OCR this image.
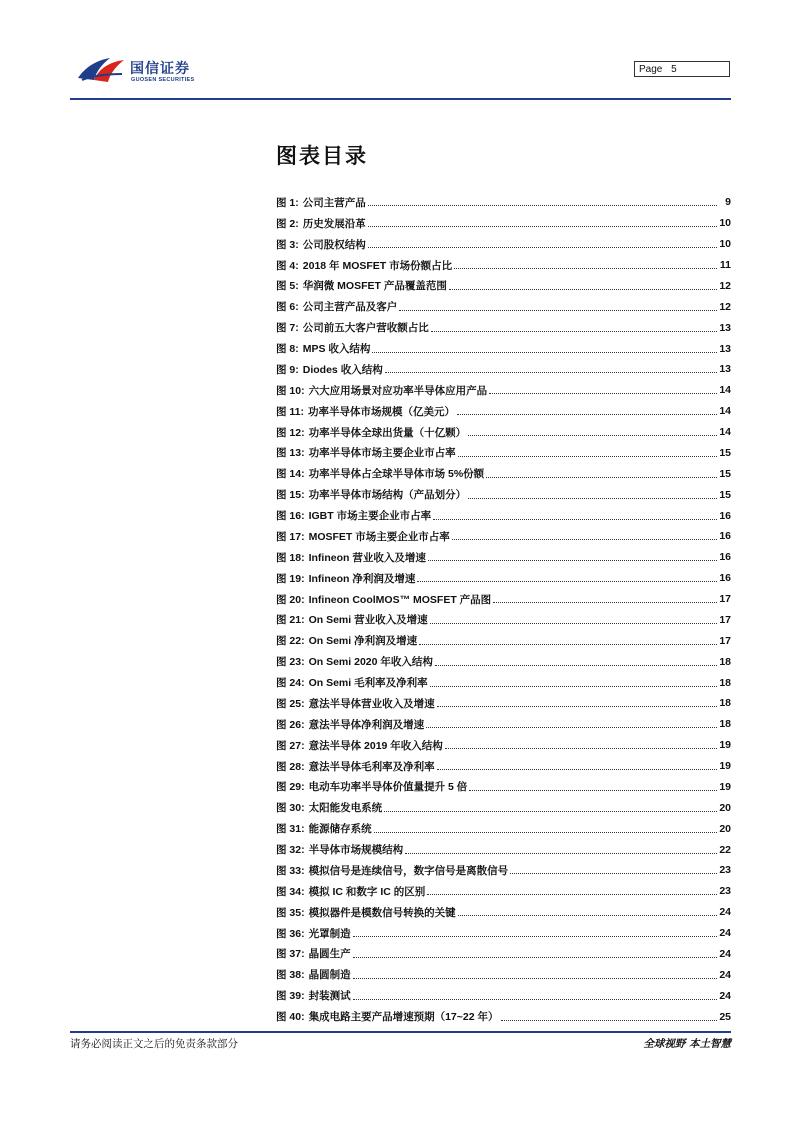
国信证券
GUOSEN SECURITIES
Page 5
图表目录
图 1: 公司主营产品	9
图 2: 历史发展沿革	10
图 3: 公司股权结构	10
图 4: 2018 年 MOSFET 市场份额占比	11
图 5: 华润微 MOSFET 产品覆盖范围	12
图 6: 公司主营产品及客户	12
图 7: 公司前五大客户营收额占比	13
图 8: MPS 收入结构	13
图 9: Diodes 收入结构	13
图 10: 六大应用场景对应功率半导体应用产品	14
图 11: 功率半导体市场规模（亿美元）	14
图 12: 功率半导体全球出货量（十亿颗）	14
图 13: 功率半导体市场主要企业市占率	15
图 14: 功率半导体占全球半导体市场 5%份额	15
图 15: 功率半导体市场结构（产品划分）	15
图 16: IGBT 市场主要企业市占率	16
图 17: MOSFET 市场主要企业市占率	16
图 18: Infineon 营业收入及增速	16
图 19: Infineon 净利润及增速	16
图 20: Infineon CoolMOS™ MOSFET 产品图	17
图 21: On Semi 营业收入及增速	17
图 22: On Semi 净利润及增速	17
图 23: On Semi 2020 年收入结构	18
图 24: On Semi 毛利率及净利率	18
图 25: 意法半导体营业收入及增速	18
图 26: 意法半导体净利润及增速	18
图 27: 意法半导体 2019 年收入结构	19
图 28: 意法半导体毛利率及净利率	19
图 29: 电动车功率半导体价值量提升 5 倍	19
图 30: 太阳能发电系统	20
图 31: 能源储存系统	20
图 32: 半导体市场规模结构	22
图 33: 模拟信号是连续信号，数字信号是离散信号	23
图 34: 模拟 IC 和数字 IC 的区别	23
图 35: 模拟器件是模数信号转换的关键	24
图 36: 光罩制造	24
图 37: 晶圆生产	24
图 38: 晶圆制造	24
图 39: 封装测试	24
图 40: 集成电路主要产品增速预期（17~22 年）	25
请务必阅读正文之后的免责条款部分	全球视野 本土智慧
